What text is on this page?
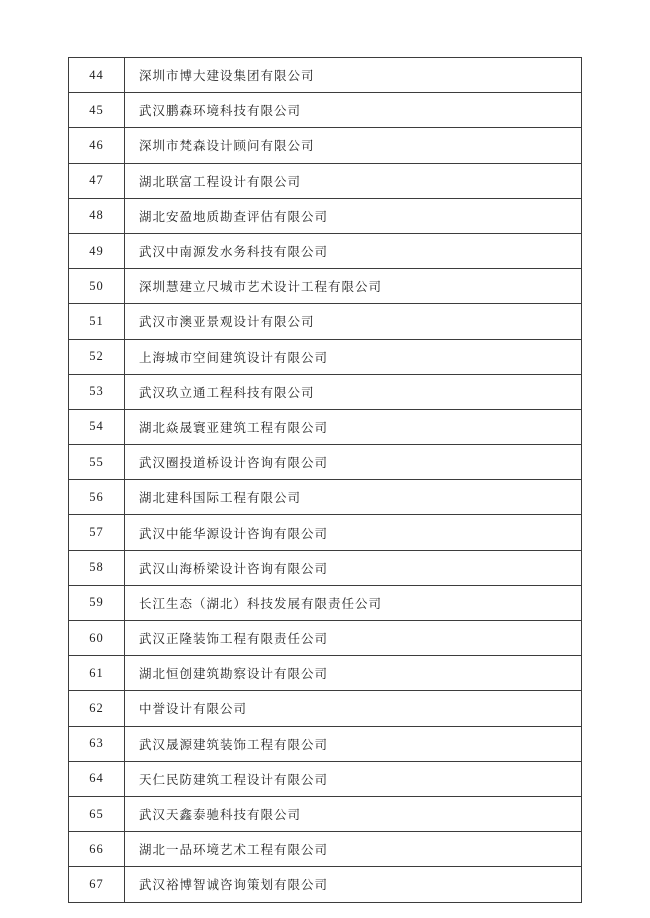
44	深圳市博大建设集团有限公司
45	武汉鹏森环境科技有限公司
46	深圳市梵森设计顾问有限公司
47	湖北联富工程设计有限公司
48	湖北安盈地质勘查评估有限公司
49	武汉中南源发水务科技有限公司
50	深圳慧建立尺城市艺术设计工程有限公司
51	武汉市澳亚景观设计有限公司
52	上海城市空间建筑设计有限公司
53	武汉玖立通工程科技有限公司
54	湖北焱晟寰亚建筑工程有限公司
55	武汉圈投道桥设计咨询有限公司
56	湖北建科国际工程有限公司
57	武汉中能华源设计咨询有限公司
58	武汉山海桥梁设计咨询有限公司
59	长江生态（湖北）科技发展有限责任公司
60	武汉正隆装饰工程有限责任公司
61	湖北恒创建筑勘察设计有限公司
62	中誉设计有限公司
63	武汉晟源建筑装饰工程有限公司
64	天仁民防建筑工程设计有限公司
65	武汉天鑫泰驰科技有限公司
66	湖北一品环境艺术工程有限公司
67	武汉裕博智诚咨询策划有限公司
